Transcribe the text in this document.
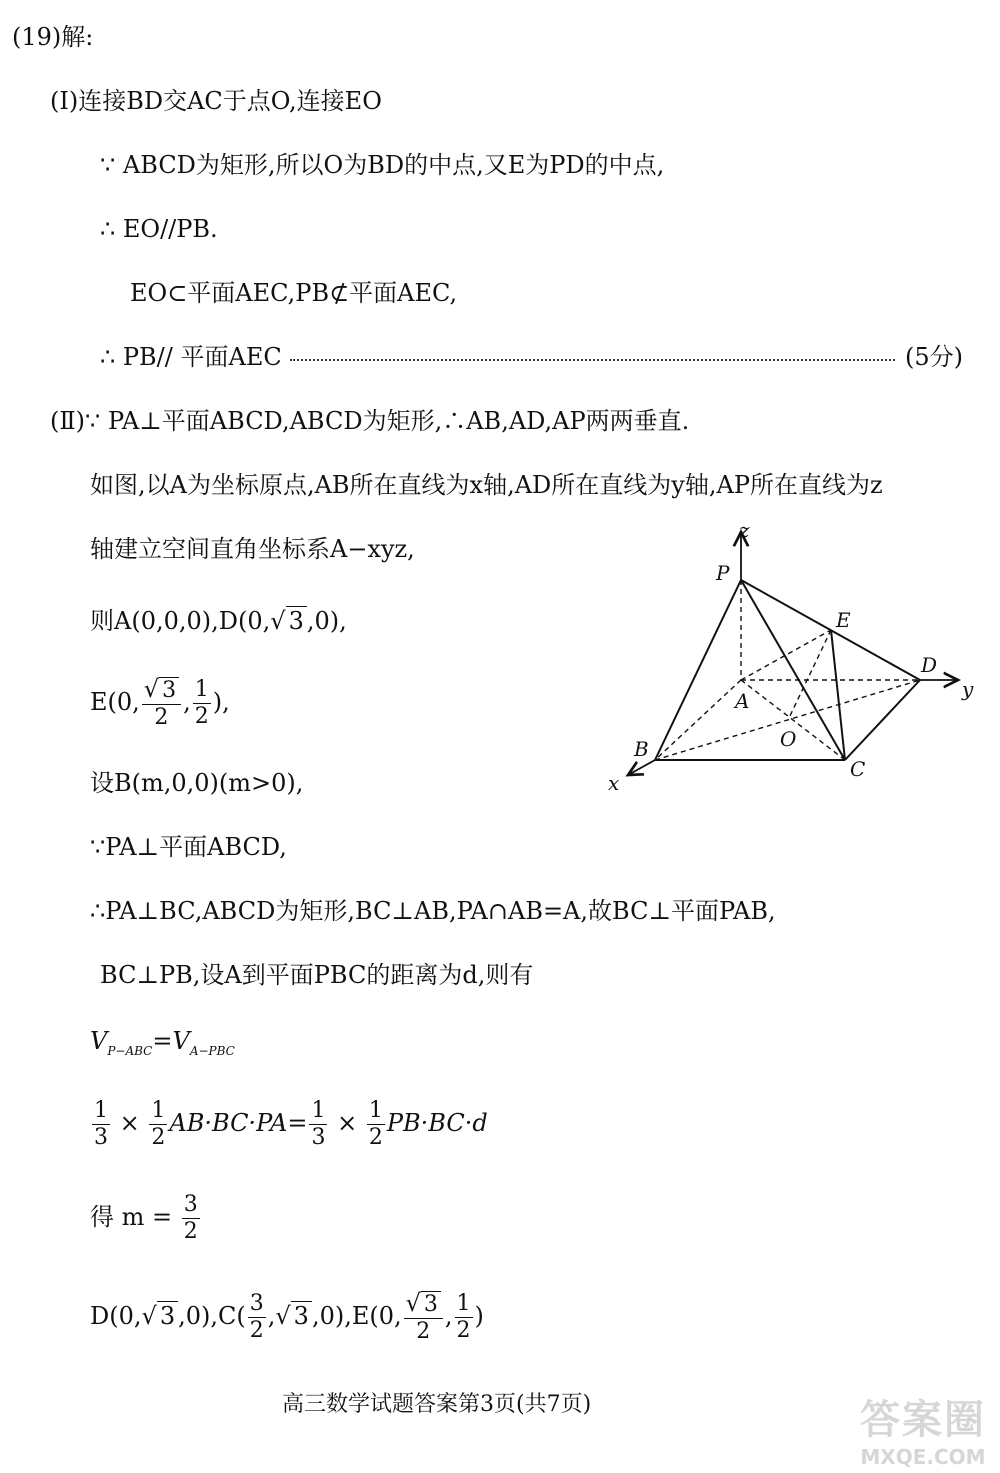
(19)解:
(Ⅰ)连接BD交AC于点O,连接EO
∵ ABCD为矩形,所以O为BD的中点,又E为PD的中点,
∴ EO//PB.
EO⊂平面AEC,PB⊄平面AEC,
∴ PB// 平面AEC	(5分)
(Ⅱ)∵ PA⊥平面ABCD,ABCD为矩形,∴AB,AD,AP两两垂直.
如图,以A为坐标原点,AB所在直线为x轴,AD所在直线为y轴,AP所在直线为z
轴建立空间直角坐标系A−xyz,
则A(0,0,0),D(0,√ 3 ,0),
E(0, $\frac{√ 3}{2}$ , $\frac{1}{2}$ ),
设B(m,0,0)(m>0),
∵PA⊥平面ABCD,
∴PA⊥BC,ABCD为矩形,BC⊥AB,PA∩AB=A,故BC⊥平面PAB,
BC⊥PB,设A到平面PBC的距离为d,则有
$V_{P-ABC}=V_{A-PBC}$
$\frac{1}{3} \times \frac{1}{2} AB\cdot BC\cdot PA= \frac{1}{3} \times \frac{1}{2} PB\cdot BC\cdot d$
得 $m = \frac{3}{2}$
D(0,√ 3 $,0),C( \frac{3}{2}$ ,√ 3 ,0),E(0, $\frac{√ 3}{2}$ , $\frac{1}{2}$ )
z
y
x
P
E
D
A
O
B
C
高三数学试题答案第3页(共7页)	答案圈
MXQE.COM
